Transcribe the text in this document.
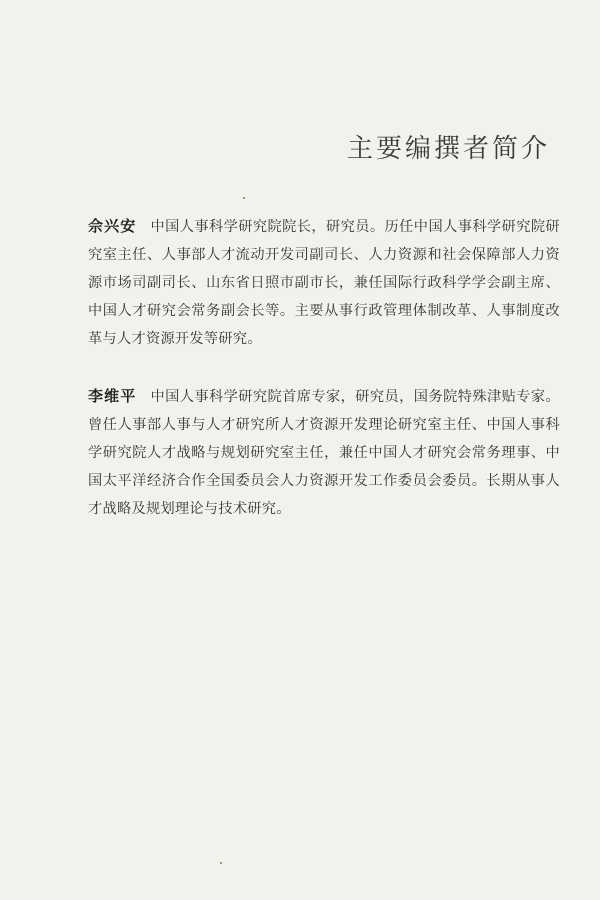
主要编撰者简介

佘兴安 中国人事科学研究院院长，研究员。历任中国人事科学研究院研究室主任、人事部人才流动开发司副司长、人力资源和社会保障部人力资源市场司副司长、山东省日照市副市长，兼任国际行政科学学会副主席、中国人才研究会常务副会长等。主要从事行政管理体制改革、人事制度改革与人才资源开发等研究。

李维平 中国人事科学研究院首席专家，研究员，国务院特殊津贴专家。曾任人事部人事与人才研究所人才资源开发理论研究室主任、中国人事科学研究院人才战略与规划研究室主任，兼任中国人才研究会常务理事、中国太平洋经济合作全国委员会人力资源开发工作委员会委员。长期从事人才战略及规划理论与技术研究。
